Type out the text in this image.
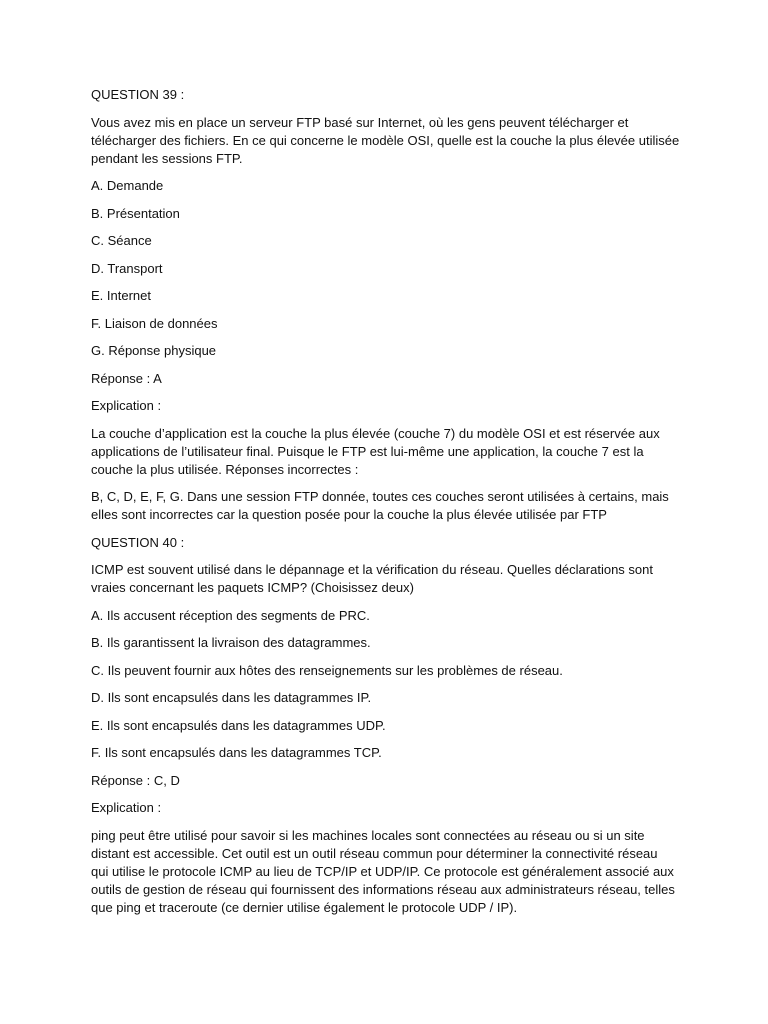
QUESTION 39 :
Vous avez mis en place un serveur FTP basé sur Internet, où les gens peuvent télécharger et
télécharger des fichiers. En ce qui concerne le modèle OSI, quelle est la couche la plus élevée utilisée
pendant les sessions FTP.
A. Demande
B. Présentation
C. Séance
D. Transport
E. Internet
F. Liaison de données
G. Réponse physique
Réponse : A
Explication :
La couche d’application est la couche la plus élevée (couche 7) du modèle OSI et est réservée aux
applications de l’utilisateur final. Puisque le FTP est lui-même une application, la couche 7 est la
couche la plus utilisée. Réponses incorrectes :
B, C, D, E, F, G. Dans une session FTP donnée, toutes ces couches seront utilisées à certains, mais
elles sont incorrectes car la question posée pour la couche la plus élevée utilisée par FTP
QUESTION 40 :
ICMP est souvent utilisé dans le dépannage et la vérification du réseau. Quelles déclarations sont
vraies concernant les paquets ICMP? (Choisissez deux)
A. Ils accusent réception des segments de PRC.
B. Ils garantissent la livraison des datagrammes.
C. Ils peuvent fournir aux hôtes des renseignements sur les problèmes de réseau.
D. Ils sont encapsulés dans les datagrammes IP.
E. Ils sont encapsulés dans les datagrammes UDP.
F. Ils sont encapsulés dans les datagrammes TCP.
Réponse : C, D
Explication :
ping peut être utilisé pour savoir si les machines locales sont connectées au réseau ou si un site
distant est accessible. Cet outil est un outil réseau commun pour déterminer la connectivité réseau
qui utilise le protocole ICMP au lieu de TCP/IP et UDP/IP. Ce protocole est généralement associé aux
outils de gestion de réseau qui fournissent des informations réseau aux administrateurs réseau, telles
que ping et traceroute (ce dernier utilise également le protocole UDP / IP).
